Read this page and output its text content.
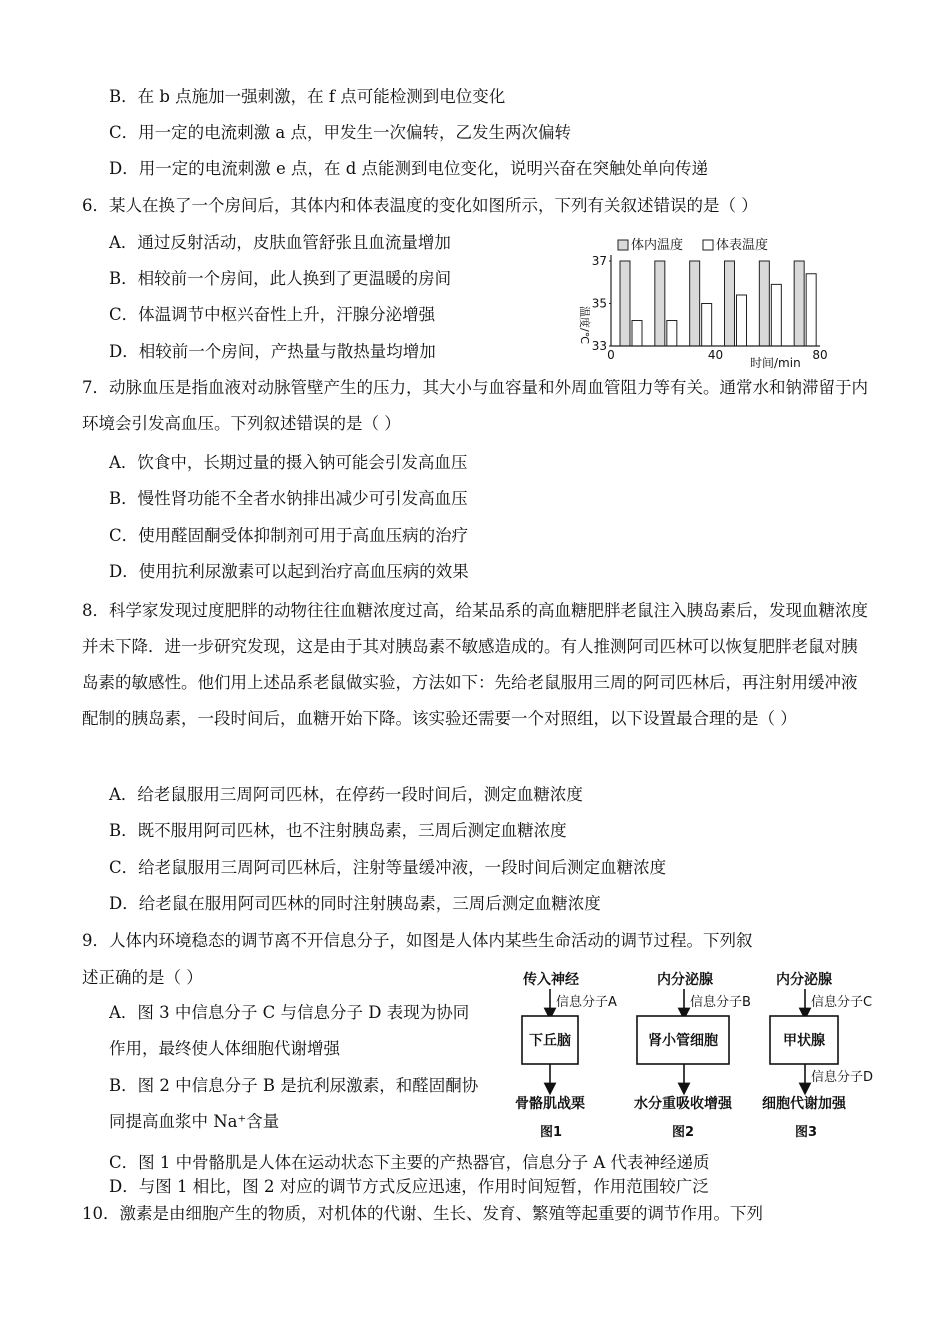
B．在 b 点施加一强刺激，在 f 点可能检测到电位变化
C．用一定的电流刺激 a 点，甲发生一次偏转，乙发生两次偏转
D．用一定的电流刺激 e 点，在 d 点能测到电位变化，说明兴奋在突触处单向传递
6．某人在换了一个房间后，其体内和体表温度的变化如图所示，下列有关叙述错误的是（ ）
A．通过反射活动，皮肤血管舒张且血流量增加
B．相较前一个房间，此人换到了更温暖的房间
C．体温调节中枢兴奋性上升，汗腺分泌增强
D．相较前一个房间，产热量与散热量均增加
体内温度	体表温度
温度/℃
时间/min
33
35
37
0	40	80
7．动脉血压是指血液对动脉管壁产生的压力，其大小与血容量和外周血管阻力等有关。通常水和钠滞留于内环境会引发高血压。下列叙述错误的是（ ）
A．饮食中，长期过量的摄入钠可能会引发高血压
B．慢性肾功能不全者水钠排出减少可引发高血压
C．使用醛固酮受体抑制剂可用于高血压病的治疗
D．使用抗利尿激素可以起到治疗高血压病的效果
8．科学家发现过度肥胖的动物往往血糖浓度过高，给某品系的高血糖肥胖老鼠注入胰岛素后，发现血糖浓度并未下降．进一步研究发现，这是由于其对胰岛素不敏感造成的。有人推测阿司匹林可以恢复肥胖老鼠对胰岛素的敏感性。他们用上述品系老鼠做实验，方法如下：先给老鼠服用三周的阿司匹林后，再注射用缓冲液配制的胰岛素，一段时间后，血糖开始下降。该实验还需要一个对照组，以下设置最合理的是（ ）
A．给老鼠服用三周阿司匹林，在停药一段时间后，测定血糖浓度
B．既不服用阿司匹林，也不注射胰岛素，三周后测定血糖浓度
C．给老鼠服用三周阿司匹林后，注射等量缓冲液，一段时间后测定血糖浓度
D．给老鼠在服用阿司匹林的同时注射胰岛素，三周后测定血糖浓度
9．人体内环境稳态的调节离不开信息分子，如图是人体内某些生命活动的调节过程。下列叙
述正确的是（ ）
A．图 3 中信息分子 C 与信息分子 D 表现为协同作用，最终使人体细胞代谢增强
B．图 2 中信息分子 B 是抗利尿激素，和醛固酮协同提高血浆中 Na⁺含量
C．图 1 中骨骼肌是人体在运动状态下主要的产热器官，信息分子 A 代表神经递质
D．与图 1 相比，图 2 对应的调节方式反应迅速，作用时间短暂，作用范围较广泛
传入神经
信息分子A
下丘脑
骨骼肌战栗
图1
内分泌腺
信息分子B
肾小管细胞
水分重吸收增强
图2
内分泌腺
信息分子C
甲状腺
信息分子D
细胞代谢加强
图3
10．激素是由细胞产生的物质，对机体的代谢、生长、发育、繁殖等起重要的调节作用。下列
